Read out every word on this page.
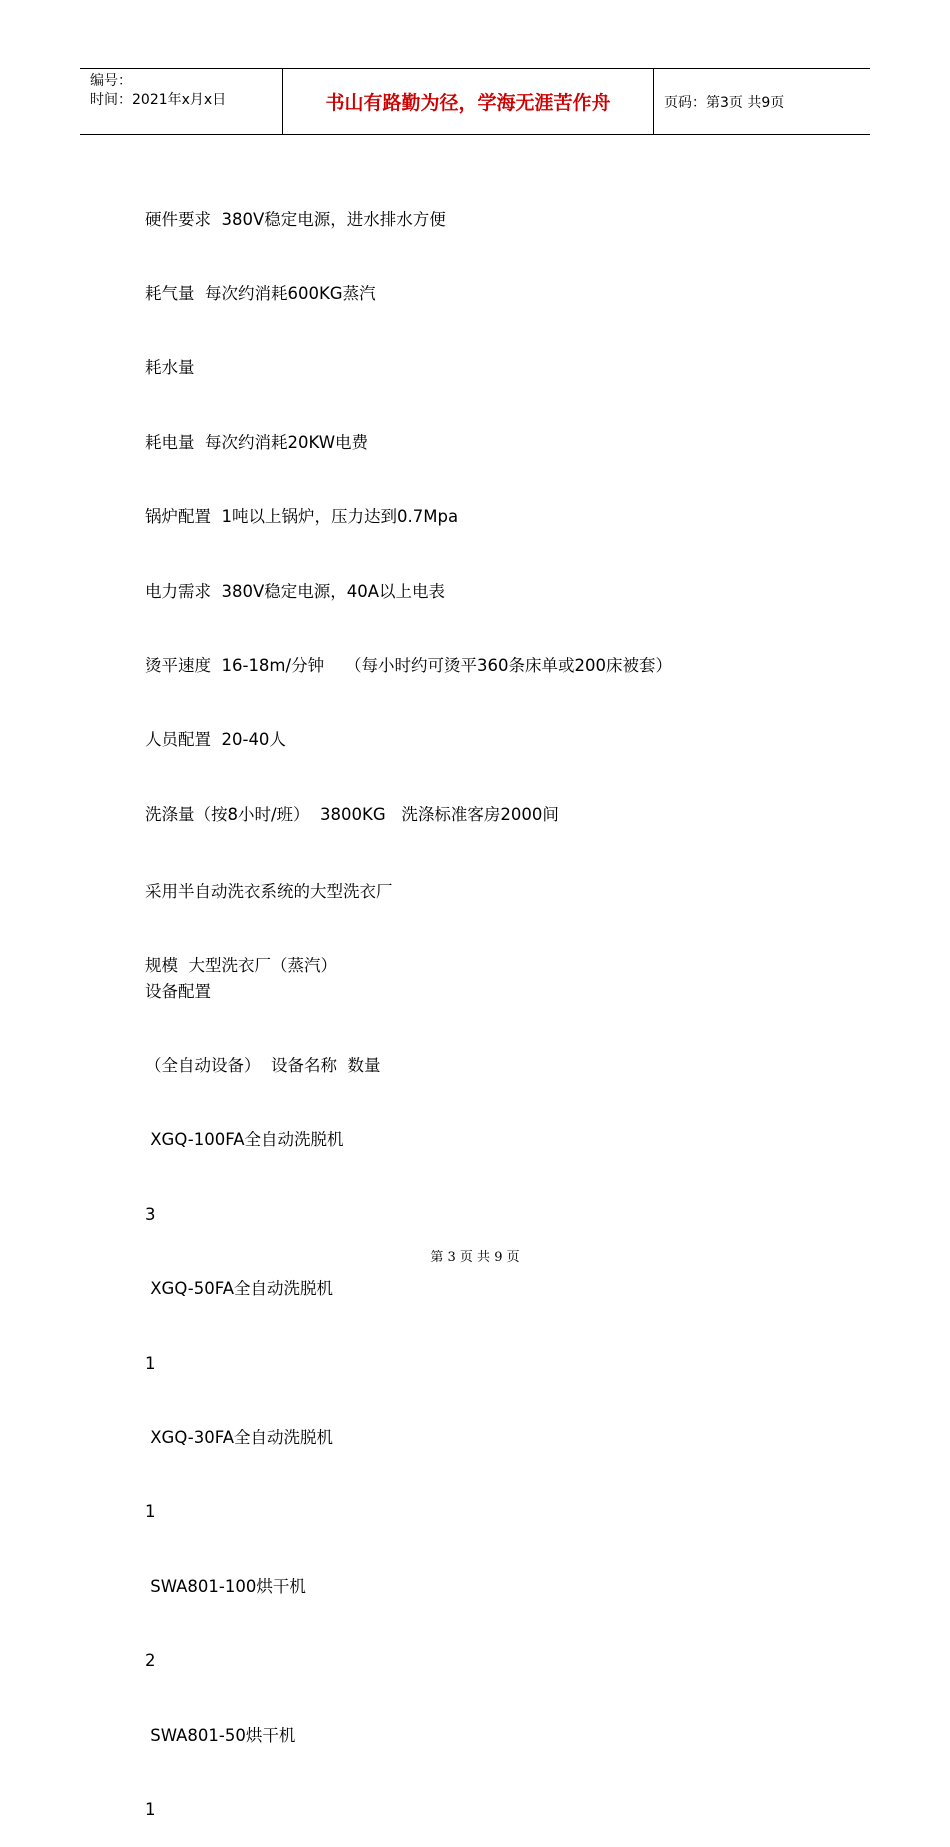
编号：
时间：2021年x月x日	书山有路勤为径，学海无涯苦作舟	页码：第3页 共9页

硬件要求  380V稳定电源，进水排水方便

耗气量  每次约消耗600KG蒸汽

耗水量

耗电量  每次约消耗20KW电费

锅炉配置  1吨以上锅炉，压力达到0.7Mpa

电力需求  380V稳定电源，40A以上电表

烫平速度  16-18m/分钟    （每小时约可烫平360条床单或200床被套）

人员配置  20-40人

洗涤量（按8小时/班）  3800KG   洗涤标准客房2000间

采用半自动洗衣系统的大型洗衣厂

规模  大型洗衣厂（蒸汽）

设备配置

（全自动设备）  设备名称  数量

XGQ-100FA全自动洗脱机

3

XGQ-50FA全自动洗脱机

1

XGQ-30FA全自动洗脱机

1

SWA801-100烘干机

2

SWA801-50烘干机

1

第 3 页 共 9 页
